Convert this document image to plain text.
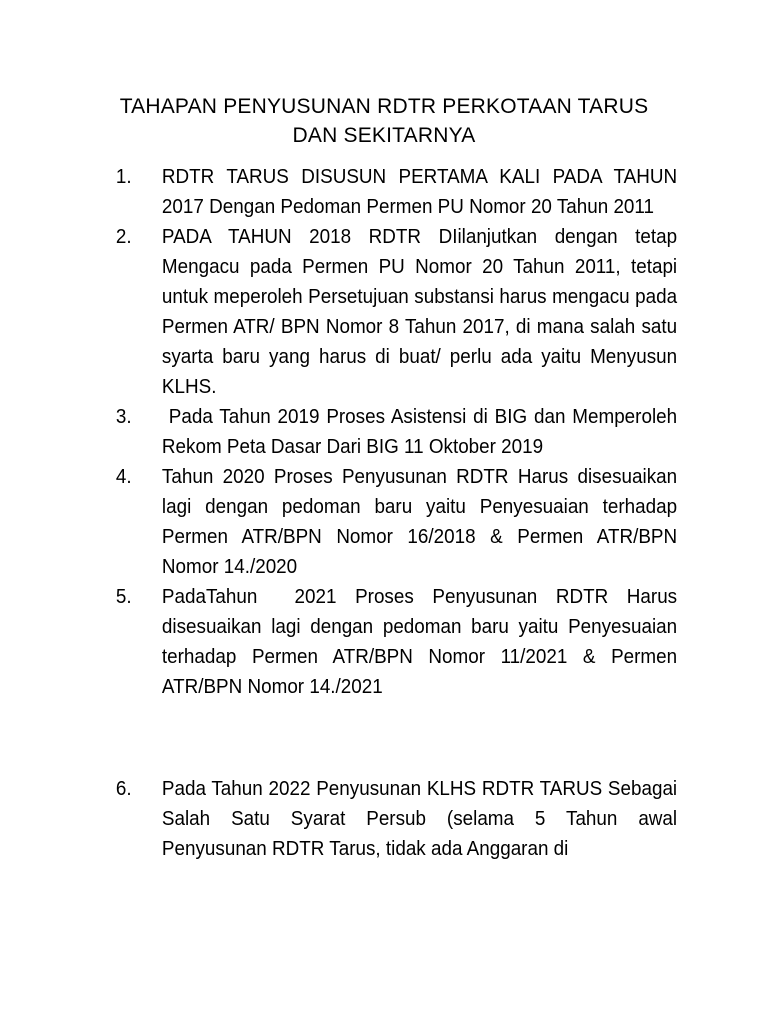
TAHAPAN PENYUSUNAN RDTR PERKOTAAN TARUS
DAN SEKITARNYA
1.	RDTR TARUS DISUSUN PERTAMA KALI PADA TAHUN 2017 Dengan Pedoman Permen PU Nomor 20 Tahun 2011
2.	PADA TAHUN 2018 RDTR DIilanjutkan dengan tetap Mengacu pada Permen PU Nomor 20 Tahun 2011, tetapi untuk meperoleh Persetujuan substansi harus mengacu pada Permen ATR/ BPN Nomor 8 Tahun 2017, di mana salah satu syarta baru yang harus di buat/ perlu ada yaitu Menyusun KLHS.
3.	Pada Tahun 2019 Proses Asistensi di BIG dan Memperoleh Rekom Peta Dasar Dari BIG 11 Oktober 2019
4.	Tahun 2020 Proses Penyusunan RDTR Harus disesuaikan lagi dengan pedoman baru yaitu Penyesuaian terhadap Permen ATR/BPN Nomor 16/2018 & Permen ATR/BPN Nomor 14./2020
5.	PadaTahun  2021 Proses Penyusunan RDTR Harus disesuaikan lagi dengan pedoman baru yaitu Penyesuaian terhadap Permen ATR/BPN Nomor 11/2021 & Permen ATR/BPN Nomor 14./2021
6.	Pada Tahun 2022 Penyusunan KLHS RDTR TARUS Sebagai Salah Satu Syarat Persub (selama 5 Tahun awal Penyusunan RDTR Tarus, tidak ada Anggaran di
